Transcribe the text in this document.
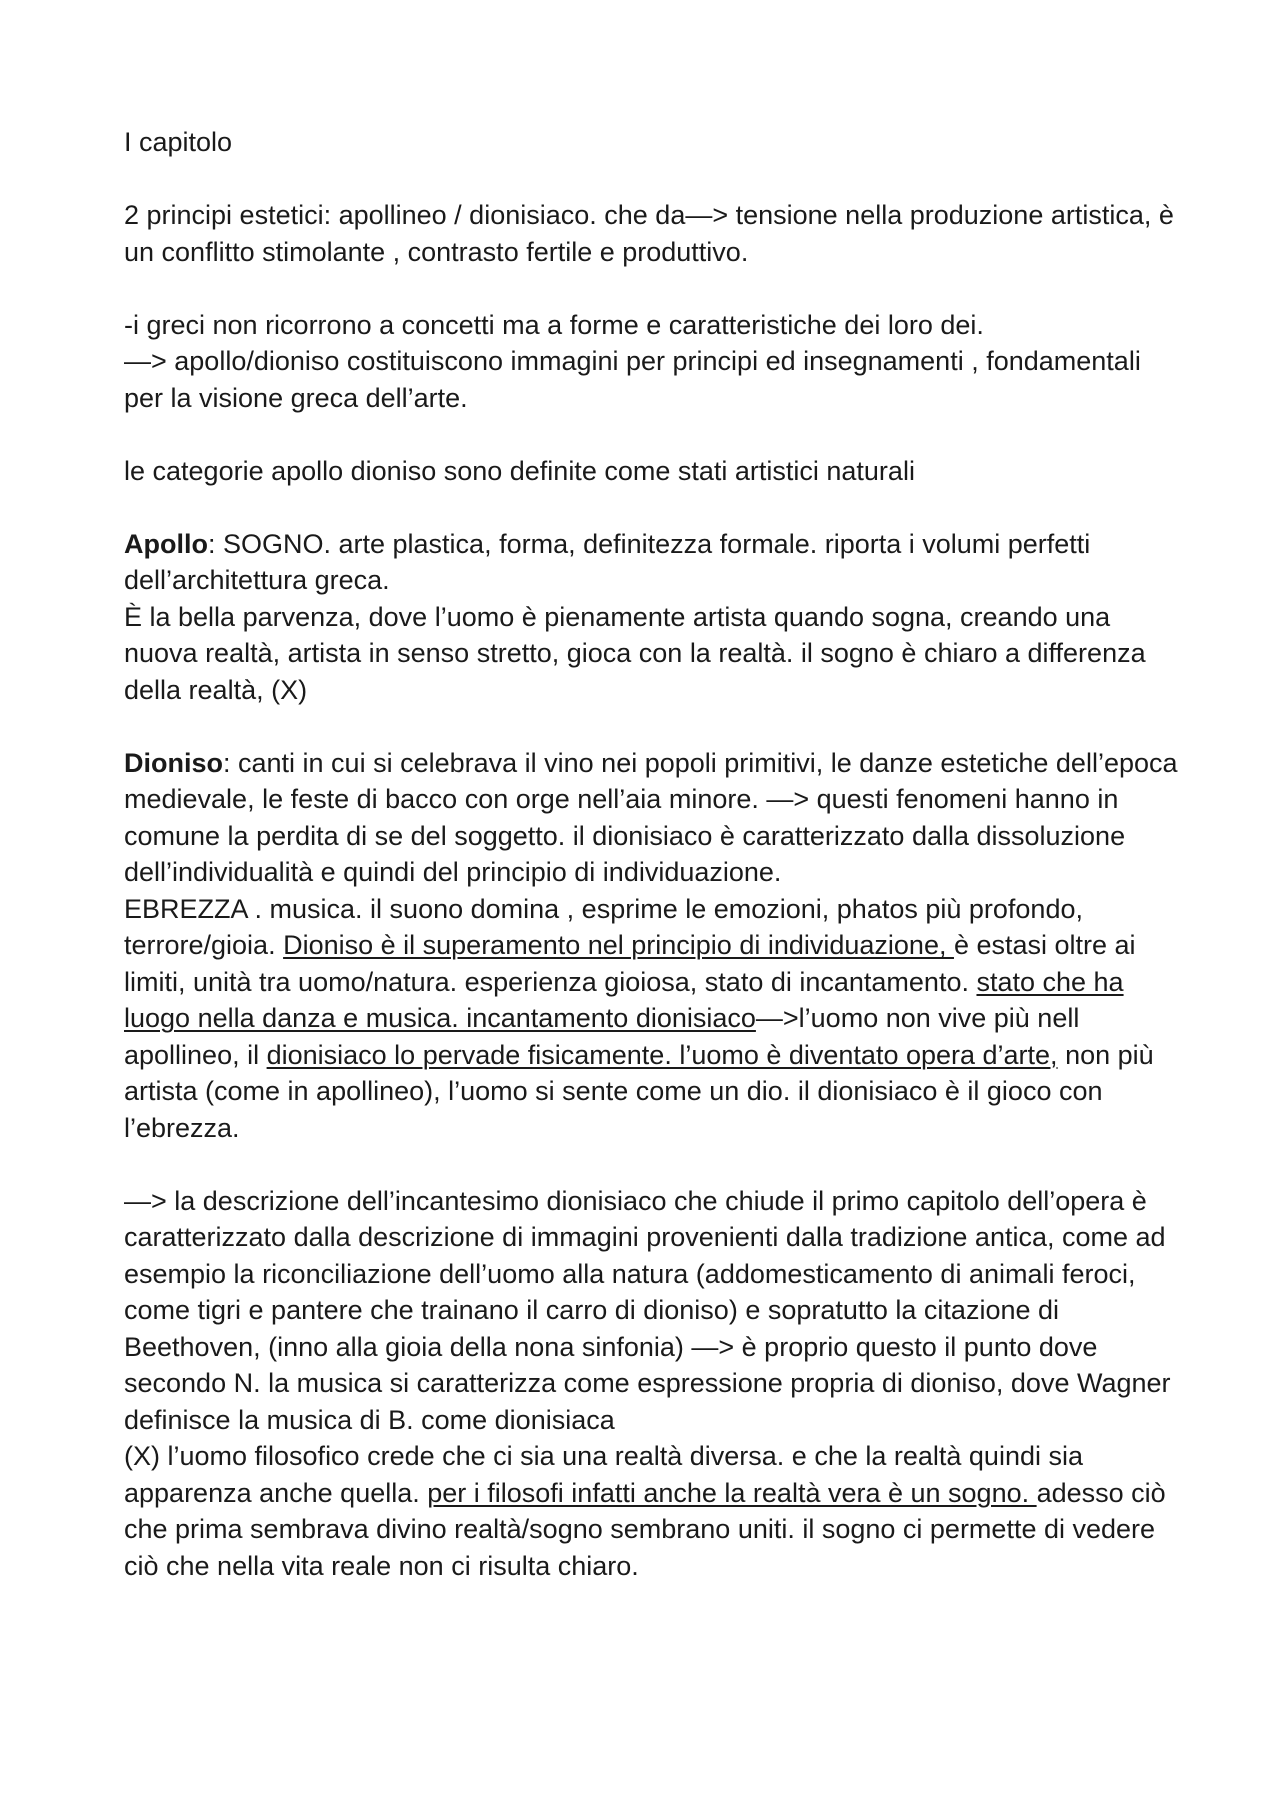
I capitolo

2 principi estetici: apollineo / dionisiaco. che da—> tensione nella produzione artistica, è un conflitto stimolante , contrasto fertile e produttivo.

-i greci non ricorrono a concetti ma a forme e caratteristiche dei loro dei.

—> apollo/dioniso costituiscono immagini per principi ed insegnamenti , fondamentali per la visione greca dell’arte.

le categorie apollo dioniso sono definite come stati artistici naturali

Apollo: SOGNO. arte plastica, forma, definitezza formale. riporta i volumi perfetti dell’architettura greca.

È la bella parvenza, dove l’uomo è pienamente artista quando sogna, creando una nuova realtà, artista in senso stretto, gioca con la realtà. il sogno è chiaro a differenza della realtà, (X)

Dioniso: canti in cui si celebrava il vino nei popoli primitivi, le danze estetiche dell’epoca medievale, le feste di bacco con orge nell’aia minore. —> questi fenomeni hanno in comune la perdita di se del soggetto. il dionisiaco è caratterizzato dalla dissoluzione dell’individualità e quindi del principio di individuazione.

EBREZZA . musica. il suono domina , esprime le emozioni, phatos più profondo, terrore/gioia. Dioniso è il superamento nel principio di individuazione, è estasi oltre ai limiti, unità tra uomo/natura. esperienza gioiosa, stato di incantamento. stato che ha luogo nella danza e musica. incantamento dionisiaco—>l’uomo non vive più nell apollineo, il dionisiaco lo pervade fisicamente. l’uomo è diventato opera d’arte, non più artista (come in apollineo), l’uomo si sente come un dio. il dionisiaco è il gioco con l’ebrezza.

—> la descrizione dell’incantesimo dionisiaco che chiude il primo capitolo dell’opera è caratterizzato dalla descrizione di immagini provenienti dalla tradizione antica, come ad esempio la riconciliazione dell’uomo alla natura (addomesticamento di animali feroci, come tigri e pantere che trainano il carro di dioniso) e sopratutto la citazione di Beethoven, (inno alla gioia della nona sinfonia) —> è proprio questo il punto dove secondo N. la musica si caratterizza come espressione propria di dioniso, dove Wagner definisce la musica di B. come dionisiaca

(X) l’uomo filosofico crede che ci sia una realtà diversa. e che la realtà quindi sia apparenza anche quella. per i filosofi infatti anche la realtà vera è un sogno. adesso ciò che prima sembrava divino realtà/sogno sembrano uniti. il sogno ci permette di vedere ciò che nella vita reale non ci risulta chiaro.
